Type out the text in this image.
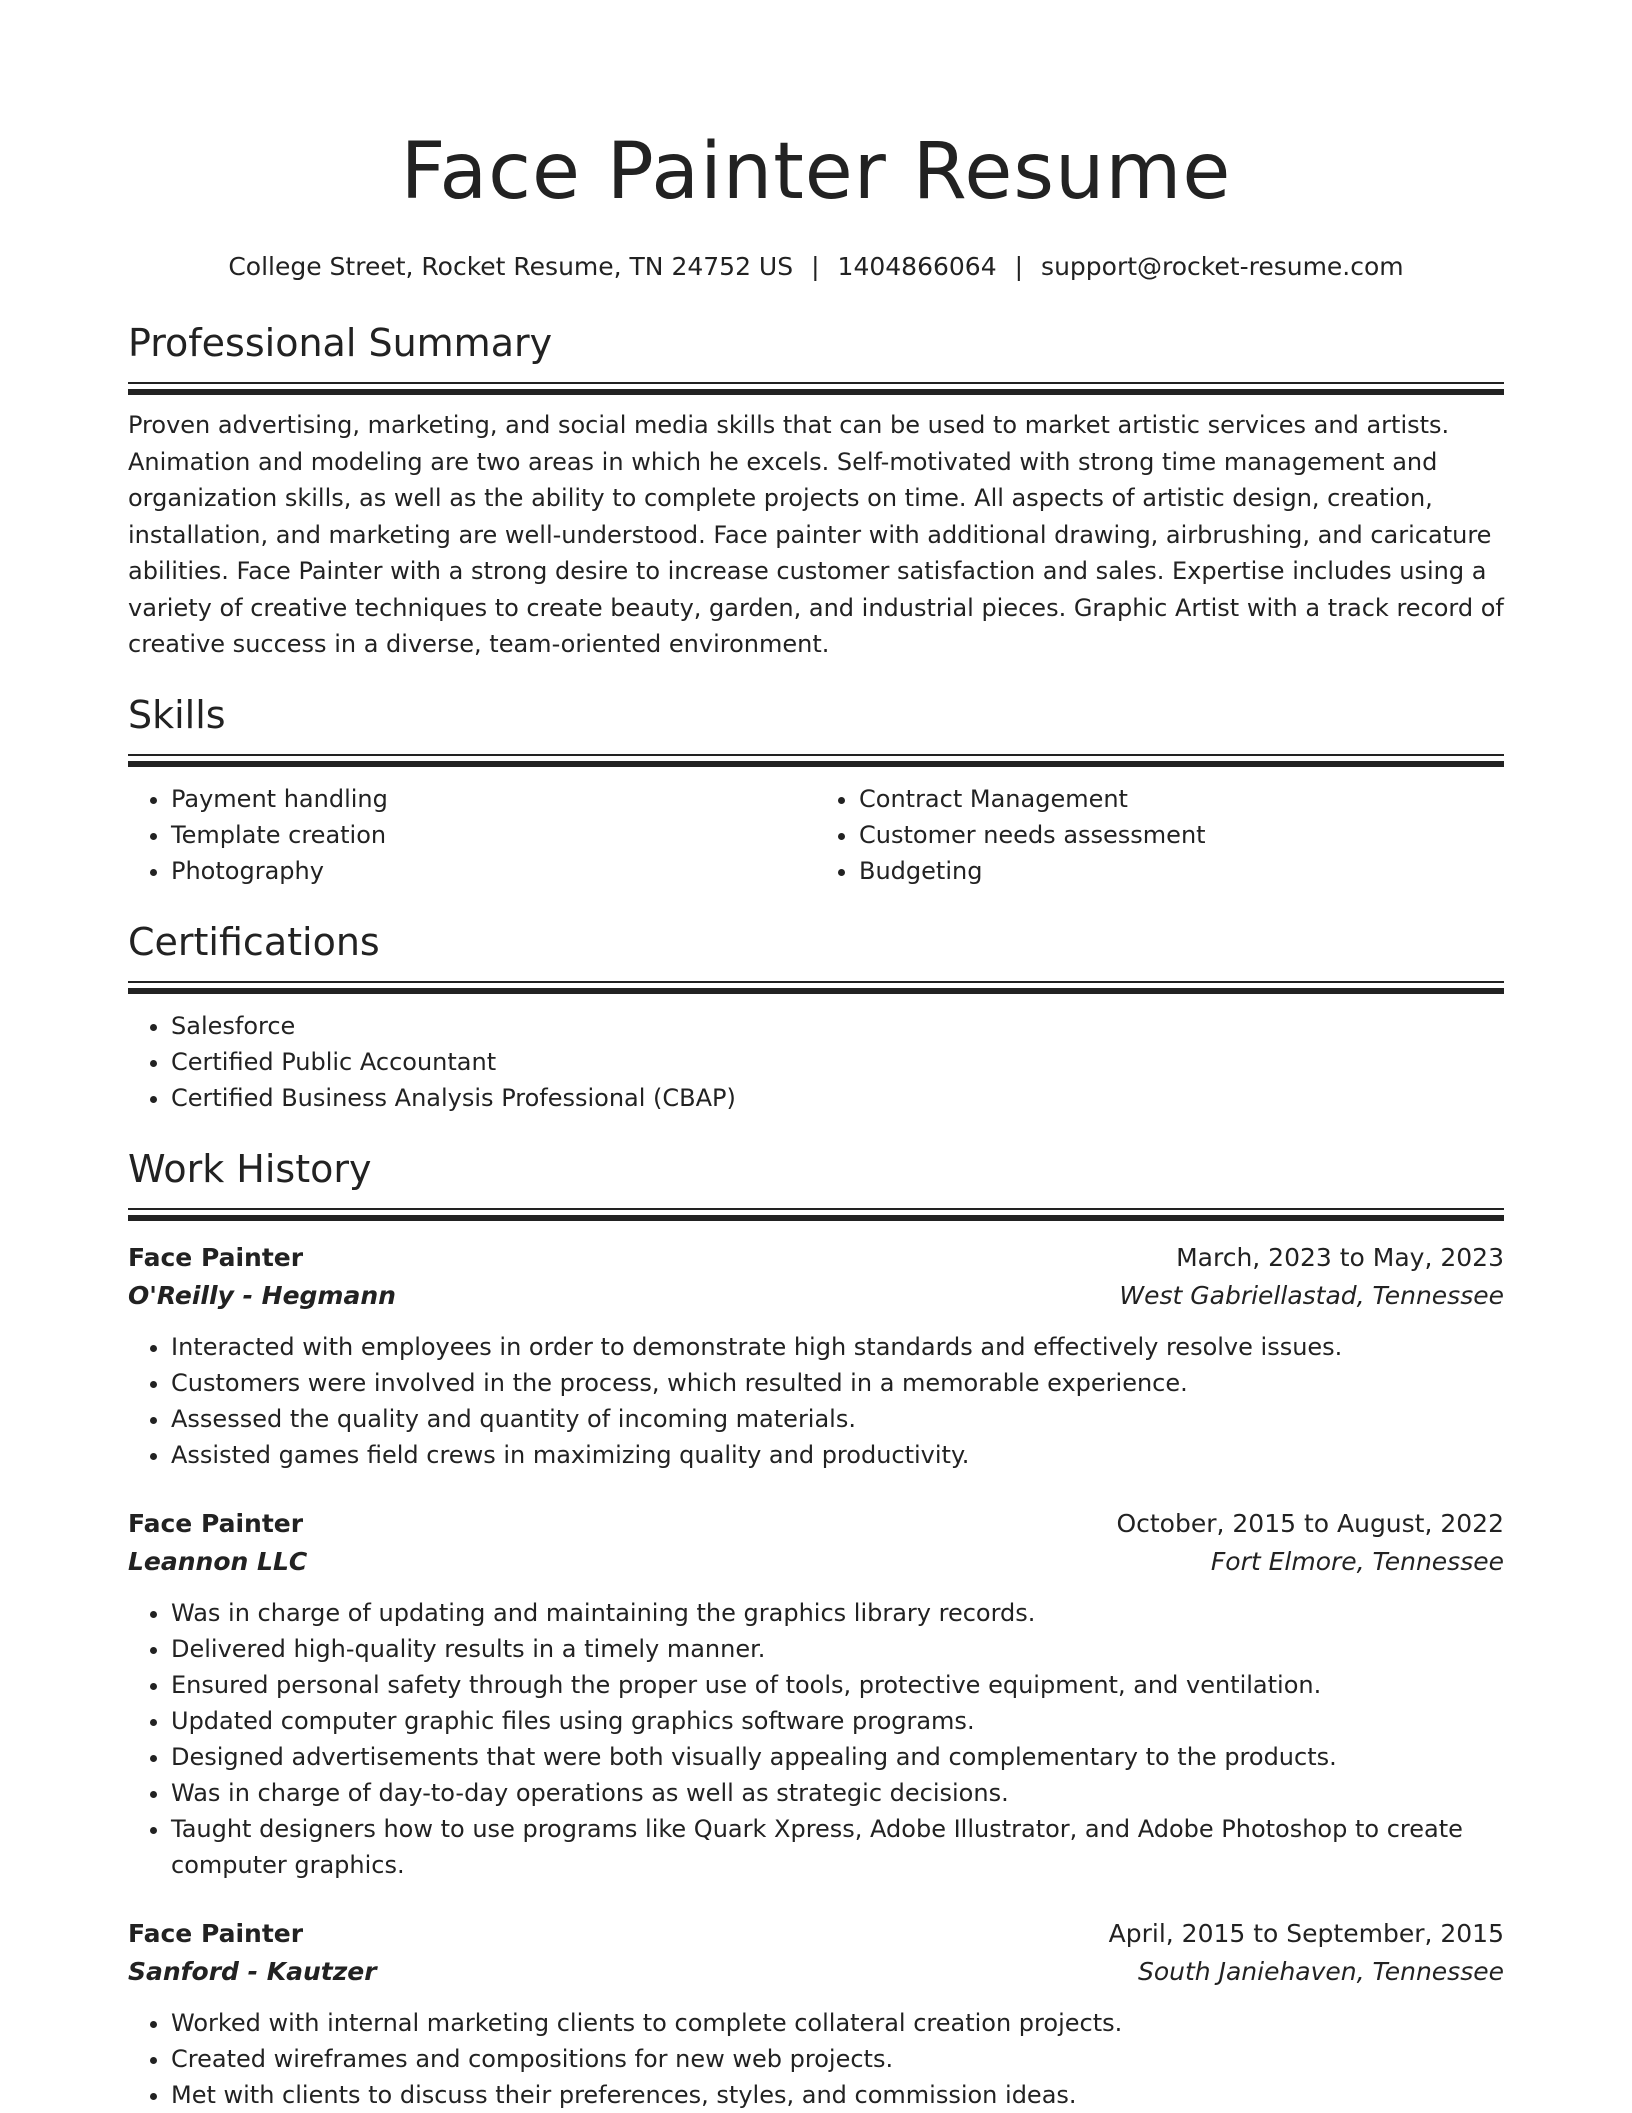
Face Painter Resume
College Street, Rocket Resume, TN 24752 US | 1404866064 | support@rocket-resume.com
Professional Summary

Proven advertising, marketing, and social media skills that can be used to market artistic services and artists. Animation and modeling are two areas in which he excels. Self-motivated with strong time management and organization skills, as well as the ability to complete projects on time. All aspects of artistic design, creation, installation, and marketing are well-understood. Face painter with additional drawing, airbrushing, and caricature abilities. Face Painter with a strong desire to increase customer satisfaction and sales. Expertise includes using a variety of creative techniques to create beauty, garden, and industrial pieces. Graphic Artist with a track record of creative success in a diverse, team-oriented environment.

Skills
• Payment handling
• Template creation
• Photography
• Contract Management
• Customer needs assessment
• Budgeting
Certifications
• Salesforce
• Certified Public Accountant
• Certified Business Analysis Professional (CBAP)
Work History
Face Painter	March, 2023 to May, 2023
O'Reilly - Hegmann	West Gabriellastad, Tennessee
• Interacted with employees in order to demonstrate high standards and effectively resolve issues.
• Customers were involved in the process, which resulted in a memorable experience.
• Assessed the quality and quantity of incoming materials.
• Assisted games field crews in maximizing quality and productivity.
Face Painter	October, 2015 to August, 2022
Leannon LLC	Fort Elmore, Tennessee
• Was in charge of updating and maintaining the graphics library records.
• Delivered high-quality results in a timely manner.
• Ensured personal safety through the proper use of tools, protective equipment, and ventilation.
• Updated computer graphic files using graphics software programs.
• Designed advertisements that were both visually appealing and complementary to the products.
• Was in charge of day-to-day operations as well as strategic decisions.
• Taught designers how to use programs like Quark Xpress, Adobe Illustrator, and Adobe Photoshop to create computer graphics.
Face Painter	April, 2015 to September, 2015
Sanford - Kautzer	South Janiehaven, Tennessee
• Worked with internal marketing clients to complete collateral creation projects.
• Created wireframes and compositions for new web projects.
• Met with clients to discuss their preferences, styles, and commission ideas.
